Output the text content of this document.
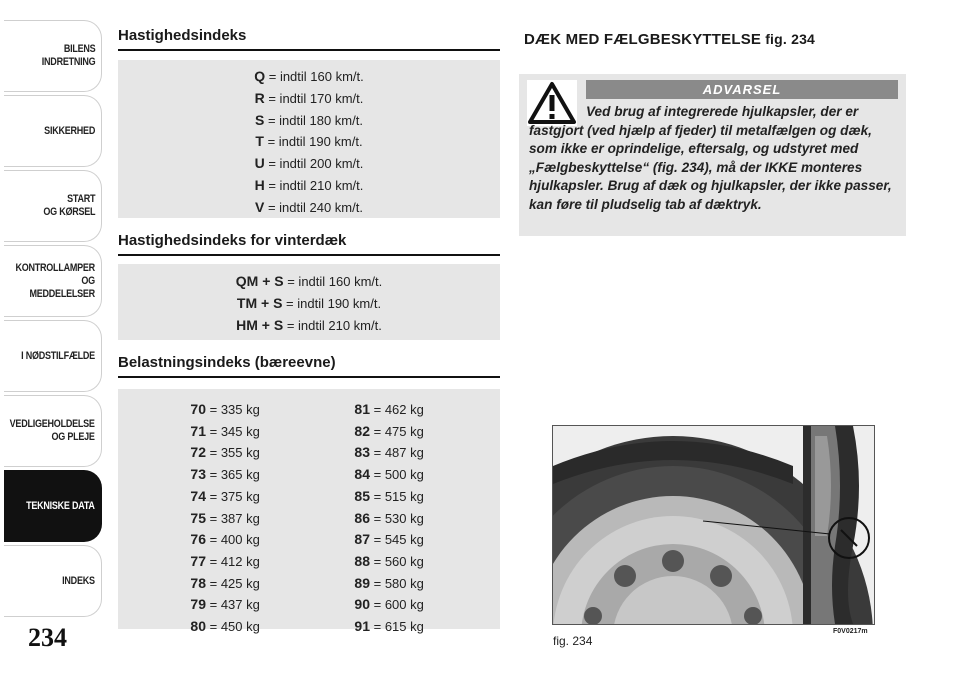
BILENS
INDRETNING
SIKKERHED
START
OG KØRSEL
KONTROLLAMPER
OG MEDDELELSER
I NØDSTILFÆLDE
VEDLIGEHOLDELSE
OG PLEJE
TEKNISKE DATA
INDEKS
234
Hastighedsindeks
Q = indtil 160 km/t.
R = indtil 170 km/t.
S = indtil 180 km/t.
T = indtil 190 km/t.
U = indtil 200 km/t.
H = indtil 210 km/t.
V = indtil 240 km/t.
Hastighedsindeks for vinterdæk
QM + S = indtil 160 km/t.
TM + S = indtil 190 km/t.
HM + S = indtil 210 km/t.
Belastningsindeks (bæreevne)
70 = 335 kg
71 = 345 kg
72 = 355 kg
73 = 365 kg
74 = 375 kg
75 = 387 kg
76 = 400 kg
77 = 412 kg
78 = 425 kg
79 = 437 kg
80 = 450 kg
81 = 462 kg
82 = 475 kg
83 = 487 kg
84 = 500 kg
85 = 515 kg
86 = 530 kg
87 = 545 kg
88 = 560 kg
89 = 580 kg
90 = 600 kg
91 = 615 kg
DÆK MED FÆLGBESKYTTELSE fig. 234
ADVARSEL
Ved brug af integrerede hjulkapsler, der er fastgjort (ved hjælp af fjeder) til metalfælgen og dæk, som ikke er oprindelige, eftersalg, og udstyret med „Fælgbeskyttelse“ (fig. 234), må der IKKE monteres hjulkapsler. Brug af dæk og hjulkapsler, der ikke passer, kan føre til pludselig tab af dæktryk.
fig. 234
F0V0217m
